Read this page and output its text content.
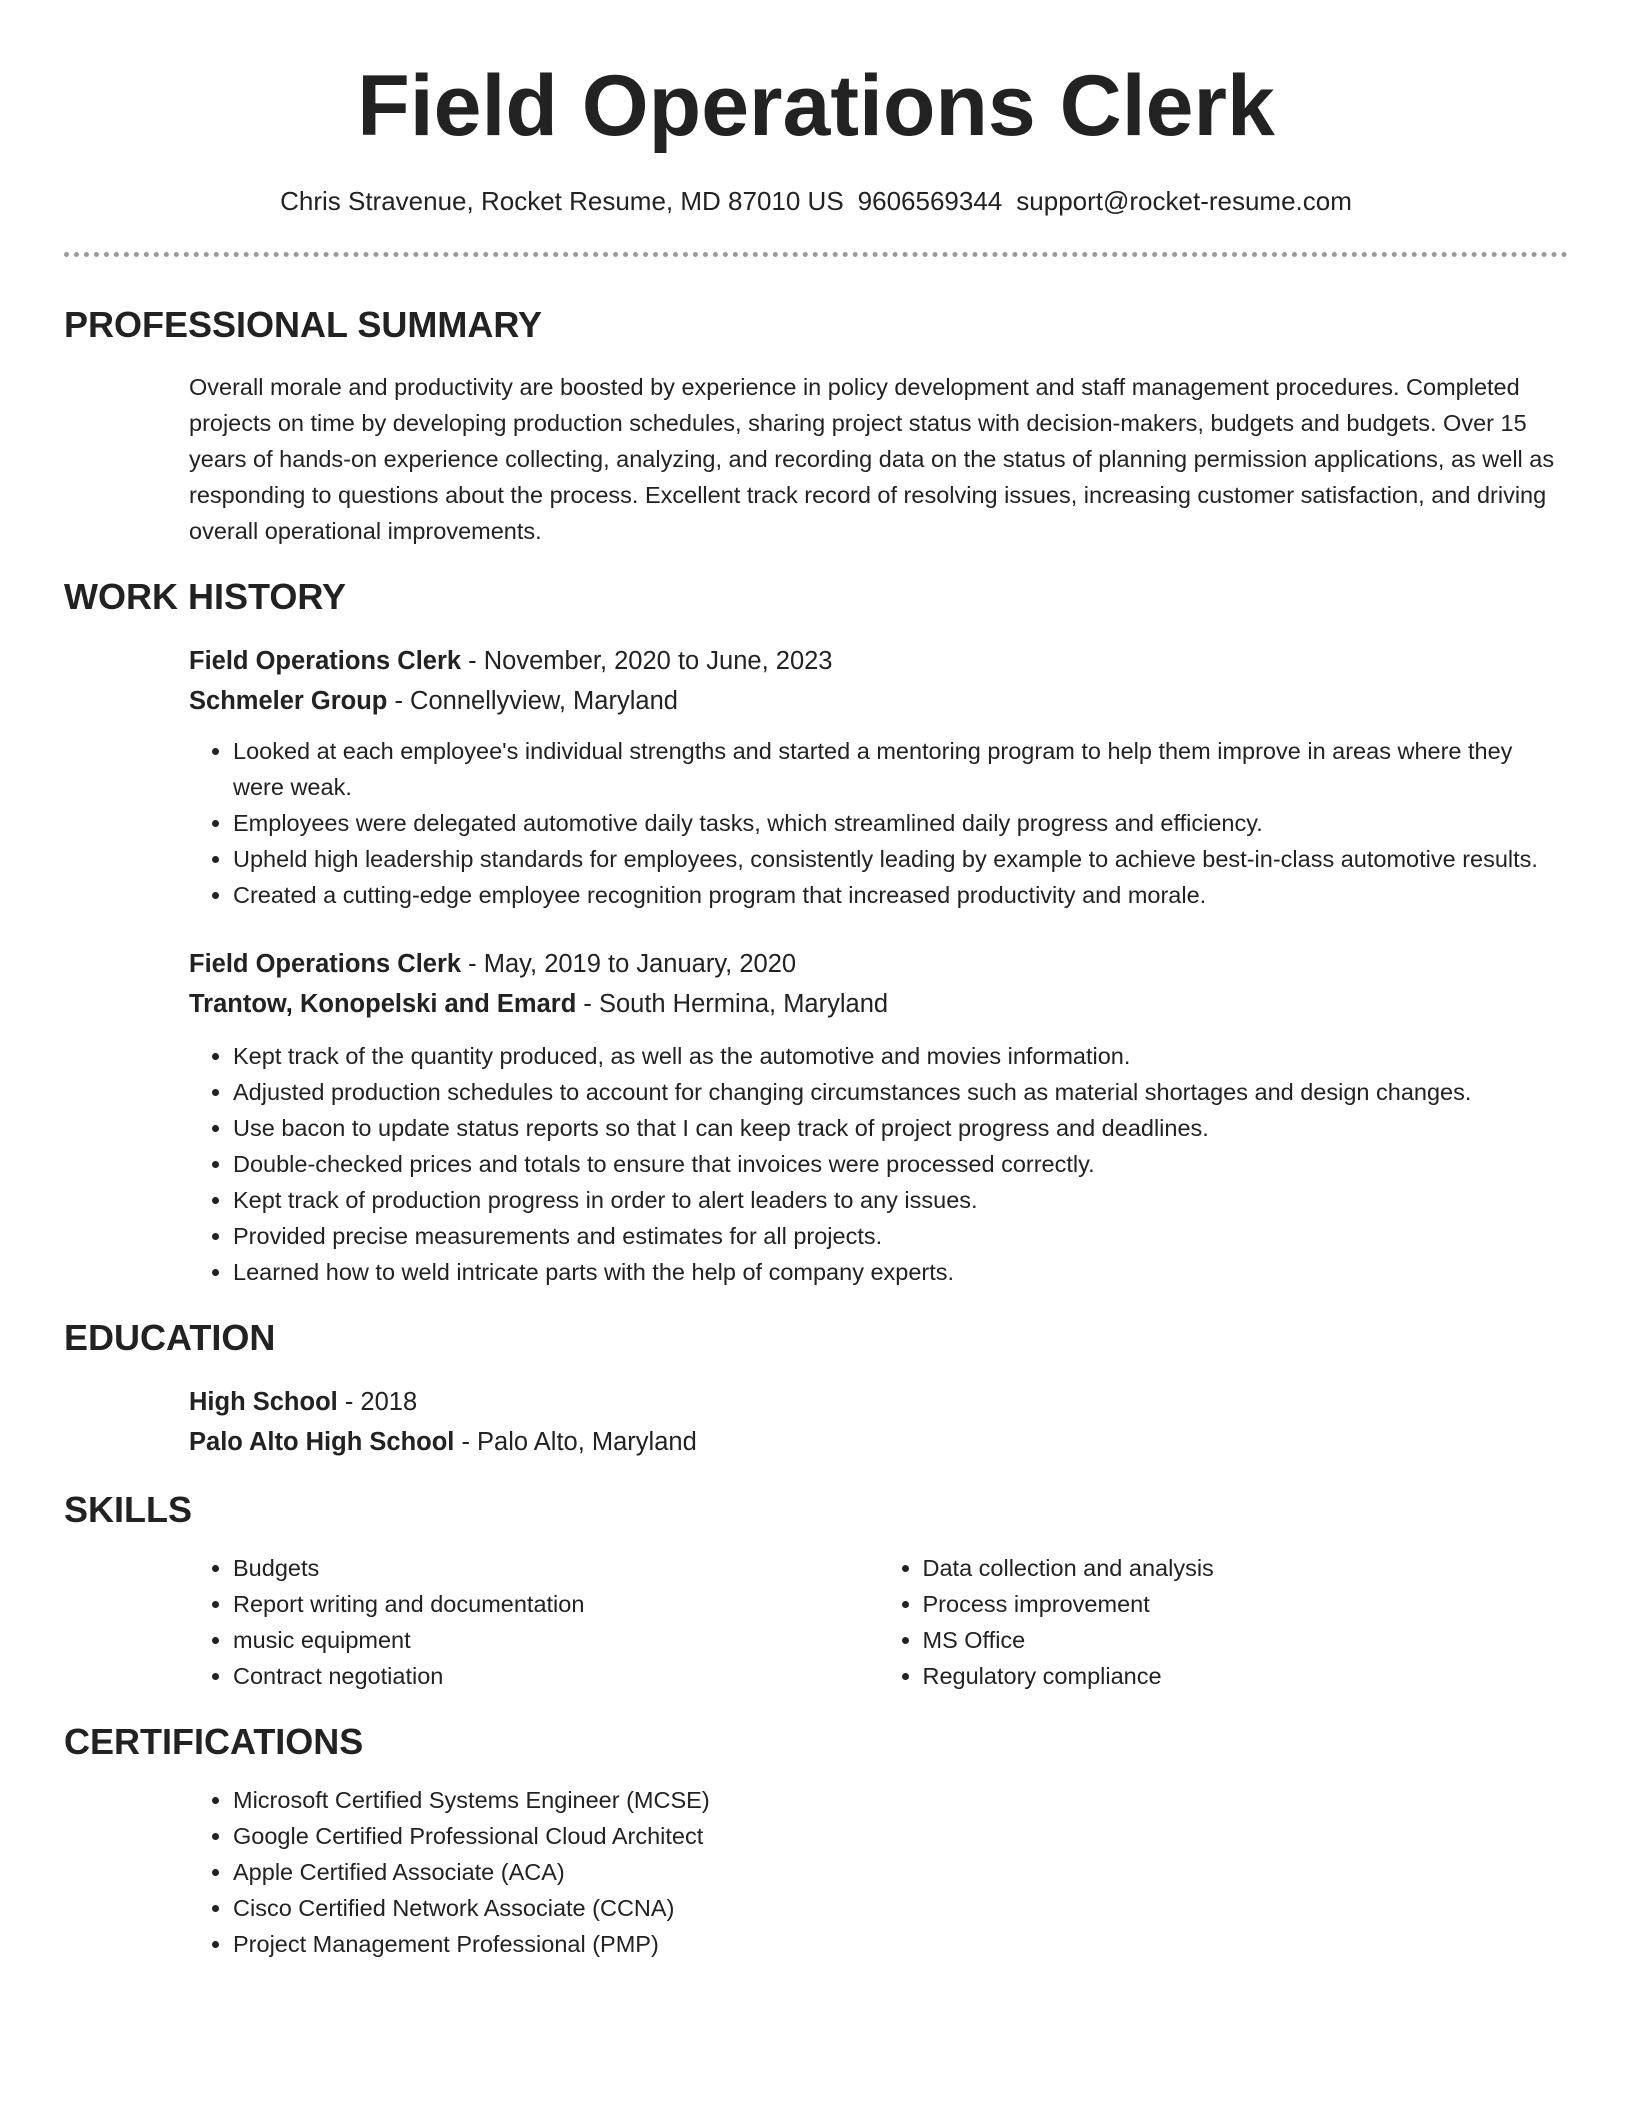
Field Operations Clerk
Chris Stravenue, Rocket Resume, MD 87010 US 9606569344 support@rocket-resume.com
PROFESSIONAL SUMMARY

Overall morale and productivity are boosted by experience in policy development and staff management procedures. Completed projects on time by developing production schedules, sharing project status with decision-makers, budgets and budgets. Over 15 years of hands-on experience collecting, analyzing, and recording data on the status of planning permission applications, as well as responding to questions about the process. Excellent track record of resolving issues, increasing customer satisfaction, and driving overall operational improvements.

WORK HISTORY

Field Operations Clerk - November, 2020 to June, 2023

Schmeler Group - Connellyview, Maryland

• Looked at each employee's individual strengths and started a mentoring program to help them improve in areas where they were weak.
• Employees were delegated automotive daily tasks, which streamlined daily progress and efficiency.
• Upheld high leadership standards for employees, consistently leading by example to achieve best-in-class automotive results.
• Created a cutting-edge employee recognition program that increased productivity and morale.

Field Operations Clerk - May, 2019 to January, 2020

Trantow, Konopelski and Emard - South Hermina, Maryland

• Kept track of the quantity produced, as well as the automotive and movies information.
• Adjusted production schedules to account for changing circumstances such as material shortages and design changes.
• Use bacon to update status reports so that I can keep track of project progress and deadlines.
• Double-checked prices and totals to ensure that invoices were processed correctly.
• Kept track of production progress in order to alert leaders to any issues.
• Provided precise measurements and estimates for all projects.
• Learned how to weld intricate parts with the help of company experts.
EDUCATION

High School - 2018

Palo Alto High School - Palo Alto, Maryland

SKILLS
• Budgets
• Report writing and documentation
• music equipment
• Contract negotiation
• Data collection and analysis
• Process improvement
• MS Office
• Regulatory compliance
CERTIFICATIONS
• Microsoft Certified Systems Engineer (MCSE)
• Google Certified Professional Cloud Architect
• Apple Certified Associate (ACA)
• Cisco Certified Network Associate (CCNA)
• Project Management Professional (PMP)
